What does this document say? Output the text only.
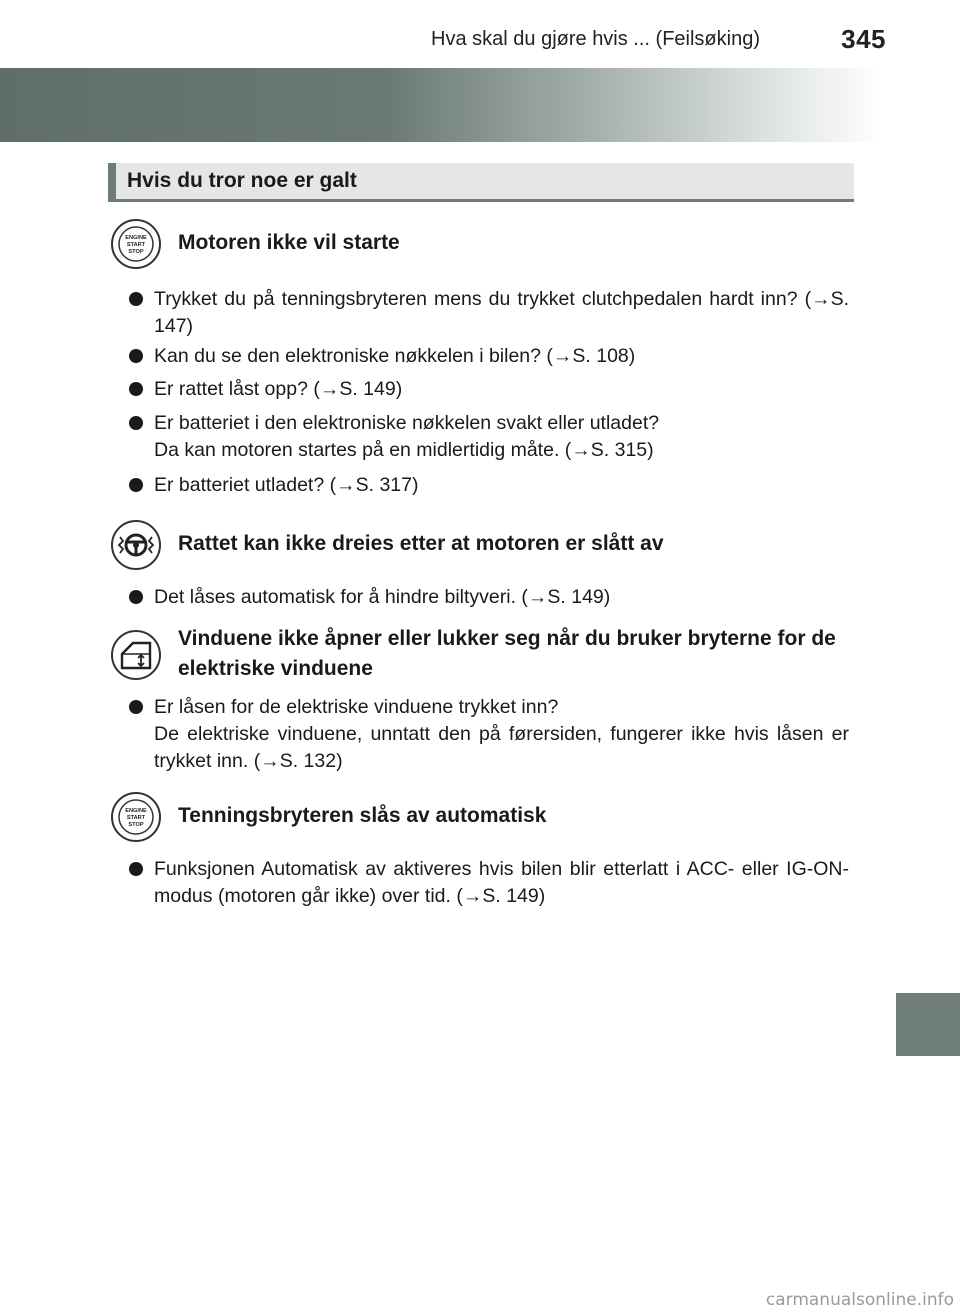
Hva skal du gjøre hvis ... (Feilsøking)	345
Hvis du tror noe er galt
ENGINE
START
STOP Motoren ikke vil starte
Trykket du på tenningsbryteren mens du trykket clutchpedalen hardt inn? (→S. 147)
Kan du se den elektroniske nøkkelen i bilen? (→S. 108)
Er rattet låst opp? (→S. 149)
Er batteriet i den elektroniske nøkkelen svakt eller utladet?
Da kan motoren startes på en midlertidig måte. (→S. 315)
Er batteriet utladet? (→S. 317)
Rattet kan ikke dreies etter at motoren er slått av
Det låses automatisk for å hindre biltyveri. (→S. 149)
Vinduene ikke åpner eller lukker seg når du bruker bryterne for de elektriske vinduene
Er låsen for de elektriske vinduene trykket inn?
De elektriske vinduene, unntatt den på førersiden, fungerer ikke hvis låsen er trykket inn. (→S. 132)
ENGINE
START
STOP Tenningsbryteren slås av automatisk
Funksjonen Automatisk av aktiveres hvis bilen blir etterlatt i ACC- eller IG-ON-modus (motoren går ikke) over tid. (→S. 149)
carmanualsonline.info
